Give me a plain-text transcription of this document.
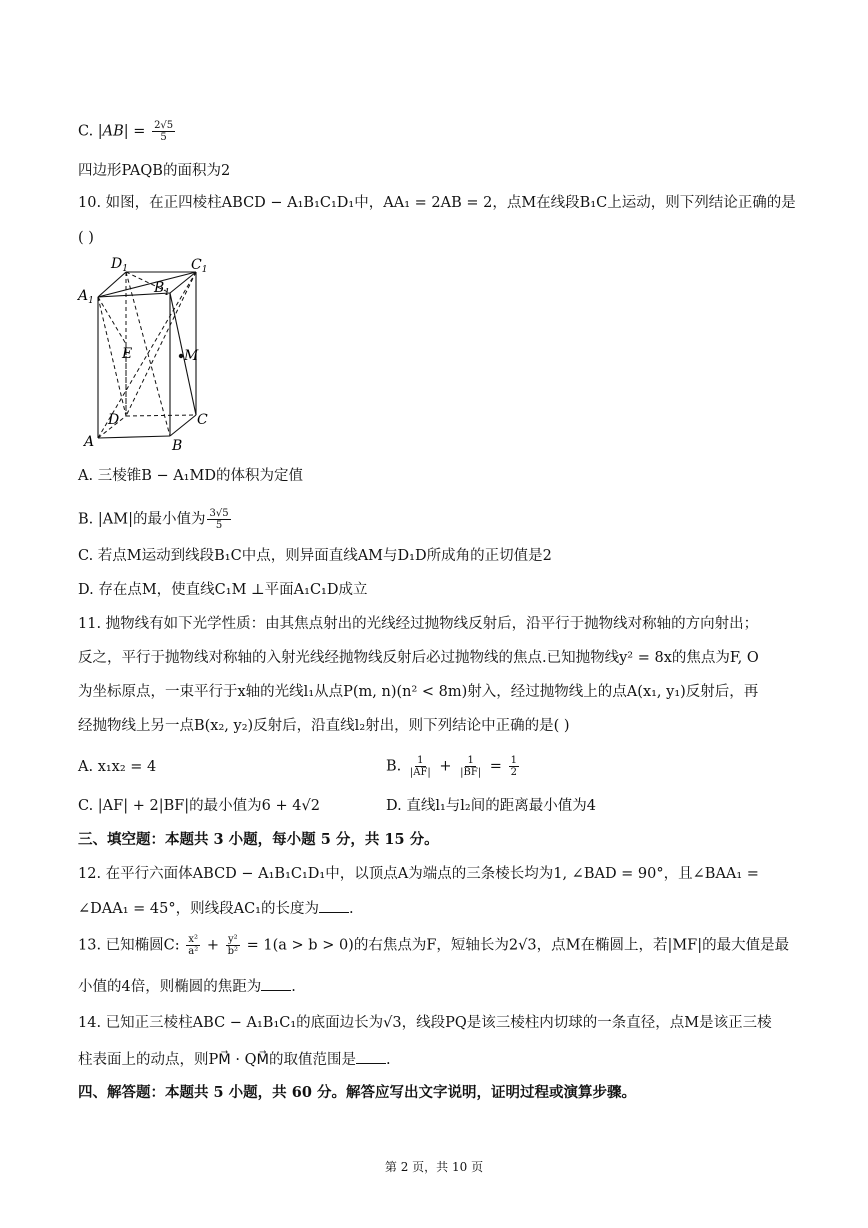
C. $|AB| = \frac{2√5}{5}$
四边形PAQB的面积为2
10. 如图，在正四棱柱ABCD − A₁B₁C₁D₁中，AA₁ = 2AB = 2，点M在线段B₁C上运动，则下列结论正确的是
( )
$D_1$	$C_1$
$A_1$
$B_1$
E	M
D	C
A	B
A. 三棱锥B − A₁MD的体积为定值
B. |AM|的最小值为 $\frac{3√5}{5}$
C. 若点M运动到线段B₁C中点，则异面直线AM与D₁D所成角的正切值是2
D. 存在点M，使直线C₁M ⊥平面A₁C₁D成立
11. 抛物线有如下光学性质：由其焦点射出的光线经过抛物线反射后，沿平行于抛物线对称轴的方向射出；
反之，平行于抛物线对称轴的入射光线经抛物线反射后必过抛物线的焦点.已知抛物线y² = 8x的焦点为F, O
为坐标原点，一束平行于x轴的光线l₁从点P(m, n)(n² < 8m)射入，经过抛物线上的点A(x₁, y₁)反射后，再
经抛物线上另一点B(x₂, y₂)反射后，沿直线l₂射出，则下列结论中正确的是( )
A. x₁x₂ = 4	B. $\frac{1}{|AF|} + \frac{1}{|BF|} = \frac{1}{2}$
C. |AF| + 2|BF|的最小值为6 + 4√2	D. 直线l₁与l₂间的距离最小值为4
三、填空题：本题共 3 小题，每小题 5 分，共 15 分。
12. 在平行六面体ABCD − A₁B₁C₁D₁中，以顶点A为端点的三条棱长均为1, ∠BAD = 90°，且∠BAA₁ =
∠DAA₁ = 45°，则线段AC₁的长度为 .
13. 已知椭圆C: $\frac{\text{x²}}{\text{a²}} + \frac{\text{y²}}{\text{b²}} = 1(a > b > 0)$的右焦点为F，短轴长为2√3，点M在椭圆上，若|MF|的最大值是最
小值的4倍，则椭圆的焦距为 .
14. 已知正三棱柱ABC − A₁B₁C₁的底面边长为√3，线段PQ是该三棱柱内切球的一条直径，点M是该正三棱
柱表面上的动点，则PM⃗ · QM⃗的取值范围是 .
四、解答题：本题共 5 小题，共 60 分。解答应写出文字说明，证明过程或演算步骤。
第 2 页，共 10 页
